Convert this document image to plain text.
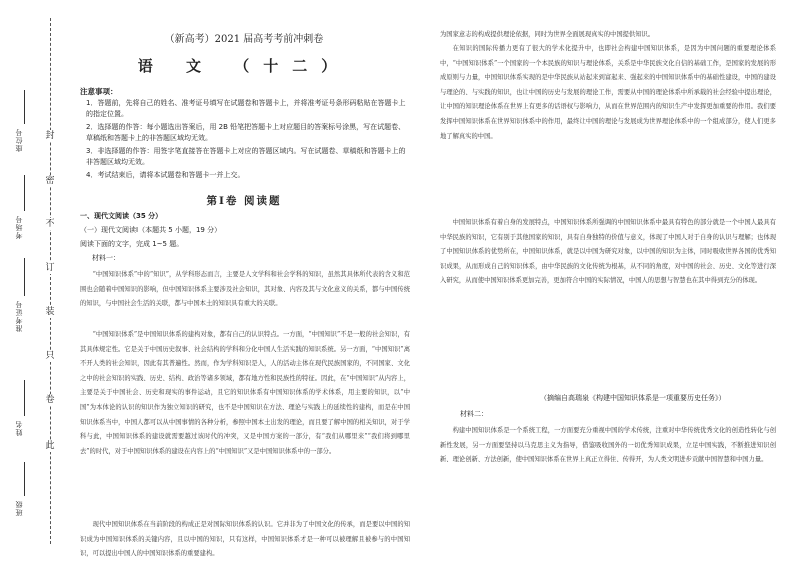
封
密
不
订
装
只
卷
此
座位号
考场号
准考证号
姓名
班级
（新高考）2021 届高考考前冲刺卷
语 文 （十二）
注意事项：
1．答题前，先将自己的姓名、准考证号填写在试题卷和答题卡上，并将准考证号条形码粘贴在答题卡上的指定位置。
2．选择题的作答：每小题选出答案后，用 2B 铅笔把答题卡上对应题目的答案标号涂黑，写在试题卷、草稿纸和答题卡上的非答题区域均无效。
3．非选择题的作答：用签字笔直接答在答题卡上对应的答题区域内。写在试题卷、草稿纸和答题卡上的非答题区域均无效。
4．考试结束后，请将本试题卷和答题卡一并上交。
第Ⅰ卷 阅读题
一、现代文阅读（35 分）
（一）现代文阅读Ⅰ（本题共 5 小题，19 分）
阅读下面的文字，完成 1~5 题。
材料一：
“中国知识体系”中的“知识”，从学科形态而言，主要是人文学科和社会学科的知识，虽然其具体所代表的含义和范围也会随着中国知识的影响，但中国知识体系主要涉及社会知识，其对象、内容及其与文化意义的关系，都与中国传统的知识，与中国社会生活的关联，都与中国本土的知识具有重大的关联。
“中国知识体系”是中国知识体系的建构对象，都有自己的认识特点。一方面，“中国知识”不是一般的社会知识，有其具体规定性。它是关于中国历史叙事、社会结构的学科和分化中国人生活实践的知识系统。另一方面，“中国知识”离不开人类的社会知识，因此有其普遍性。然而，作为学科知识是人，人的活动主体在现代民族国家的，不同国家、文化之中的社会知识的实践、历史、结构、政治等诸多领域，都有地方性和民族性的特征。因此，在“中国知识”从内容上，主要是关于中国社会、历史和现实的事件运动，且它的知识体系有中国知识体系的学术体系，用主要的知识，以“中国”为本体论的认识的知识作为独立知识的研究，也不是中国知识在方法、理论与实践上的延续性的建构，而是在中国知识体系当中，中国人都可以从中国事情的各种分析，参照中国本土出发的理论，而且要了解中国的相关知识，对于学科与此，中国知识体系的建设就需要越过该时代的冲突，又是中国方案的一部分，有“我们从哪里来”“我们将到哪里去”的时代，对于中国知识体系的建设在内容上的“中国知识”又是中国知识体系中的一部分。
现代中国知识体系在当前阶段的构成正是对国际知识体系的认识。它并非为了中国文化的传承，而是要以中国的知识成为中国知识体系的关键内容，且以中国的知识，只有这样，中国知识体系才是一种可以被理解且被参与的中国知识，可以提出中国人的中国知识体系的重要建构。
为国家意志的构成提供理论依据，同时为世界全面展现真实的中国提供知识。
在知识的国际传播力更有了很大的学术化提升中，也即社会构建中国知识体系，是因为中国问题的重要理论体系中，“中国知识体系”一个国家的一个本民族的知识与理论体系，关系是中华民族文化自信的基础工作，是国家的发展的形成原则与力量，中国知识体系实现的是中华民族从站起来到富起来、强起来的中国知识体系中的基础性建设，中国的建设与理论的、与实践的知识，也让中国的历史与发展的理论工作，需要从中国的理论体系中所承载的社会经验中提出理论，让中国的知识理论体系在世界上有更多的话语权与影响力，从而在世界范围内的知识生产中发挥更加重要的作用。我们要发挥中国知识体系在世界知识体系中的作用，最终让中国的理论与发展成为世界理论体系中的一个组成部分，使人们更多地了解真实的中国。
中国知识体系有着自身的发展特点，中国知识体系所强调的中国知识体系中最具有特色的部分就是一个中国人最具有中华民族的知识，它有别于其他国家的知识，具有自身独特的价值与意义，体现了中国人对于自身的认识与理解；也体现了中国知识体系的优势所在，中国知识体系，就是以中国为研究对象，以中国的知识为主体，同时吸收世界各国的优秀知识成果，从而形成自己的知识体系，由中华民族的文化传统为根基，从不同的角度，对中国的社会、历史、文化等进行深入研究，从而使中国知识体系更加完善，更加符合中国的实际情况，中国人的思想与智慧也在其中得到充分的体现。
（摘编自高瑞泉《构建中国知识体系是一项重要历史任务》）
材料二：
构建中国知识体系是一个系统工程，一方面要充分重视中国的学术传统，注重对中华传统优秀文化的创造性转化与创新性发展，另一方面要坚持以马克思主义为指导，借鉴吸收国外的一切优秀知识成果，立足中国实践，不断推进知识创新、理论创新、方法创新，使中国知识体系在世界上真正立得住、传得开，为人类文明进步贡献中国智慧和中国力量。
